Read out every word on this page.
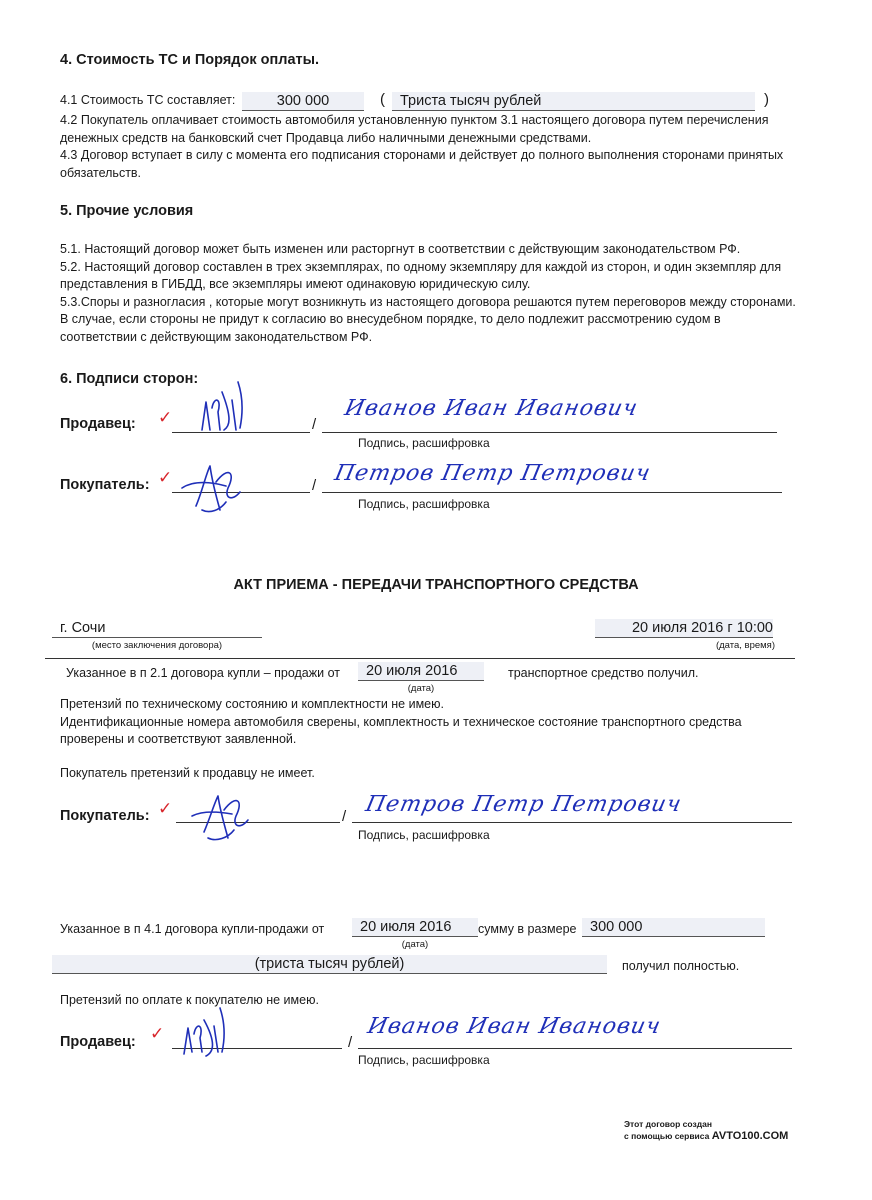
4. Стоимость ТС и Порядок оплаты.
4.1 Стоимость ТС составляет:	300 000	(	Триста тысяч рублей	)

4.2 Покупатель оплачивает стоимость автомобиля установленную пунктом 3.1 настоящего договора путем перечисления денежных средств на банковский счет Продавца либо наличными денежными средствами.

4.3 Договор вступает в силу с момента его подписания сторонами и действует до полного выполнения сторонами принятых обязательств.

5. Прочие условия

5.1. Настоящий договор может быть изменен или расторгнут в соответствии с действующим законодательством РФ.

5.2. Настоящий договор составлен в трех экземплярах, по одному экземпляру для каждой из сторон, и один экземпляр для представления в ГИБДД, все экземпляры имеют одинаковую юридическую силу.

5.3.Споры и разногласия , которые могут возникнуть из настоящего договора решаются путем переговоров между сторонами. В случае, если стороны не придут к согласию во внесудебном порядке, то дело подлежит рассмотрению судом в соответствии с действующим законодательством РФ.

6. Подписи сторон:
Продавец: ✓	/
Иванов Иван Иванович
Подпись, расшифровка
Покупатель: ✓	/ Петров Петр Петрович
Подпись, расшифровка
АКТ ПРИЕМА - ПЕРЕДАЧИ ТРАНСПОРТНОГО СРЕДСТВА
г. Сочи
(место заключения договора)
20 июля 2016 г 10:00
(дата, время)
Указанное в п 2.1 договора купли – продажи от	20 июля 2016
(дата)
транспортное средство получил.

Претензий по техническому состоянию и комплектности не имею.

Идентификационные номера автомобиля сверены, комплектность и техническое состояние транспортного средства проверены и соответствуют заявленной.

Покупатель претензий к продавцу не имеет.
Покупатель: ✓	/ Петров Петр Петрович
Подпись, расшифровка
Указанное в п 4.1 договора купли-продажи от	20 июля 2016
(дата)
сумму в размере 300 000
(триста тысяч рублей)	получил полностью.
Претензий по оплате к покупателю не имею.
Продавец: ✓	/
Иванов Иван Иванович
Подпись, расшифровка
Этот договор создан
с помощью сервиса AVTO100.COM
